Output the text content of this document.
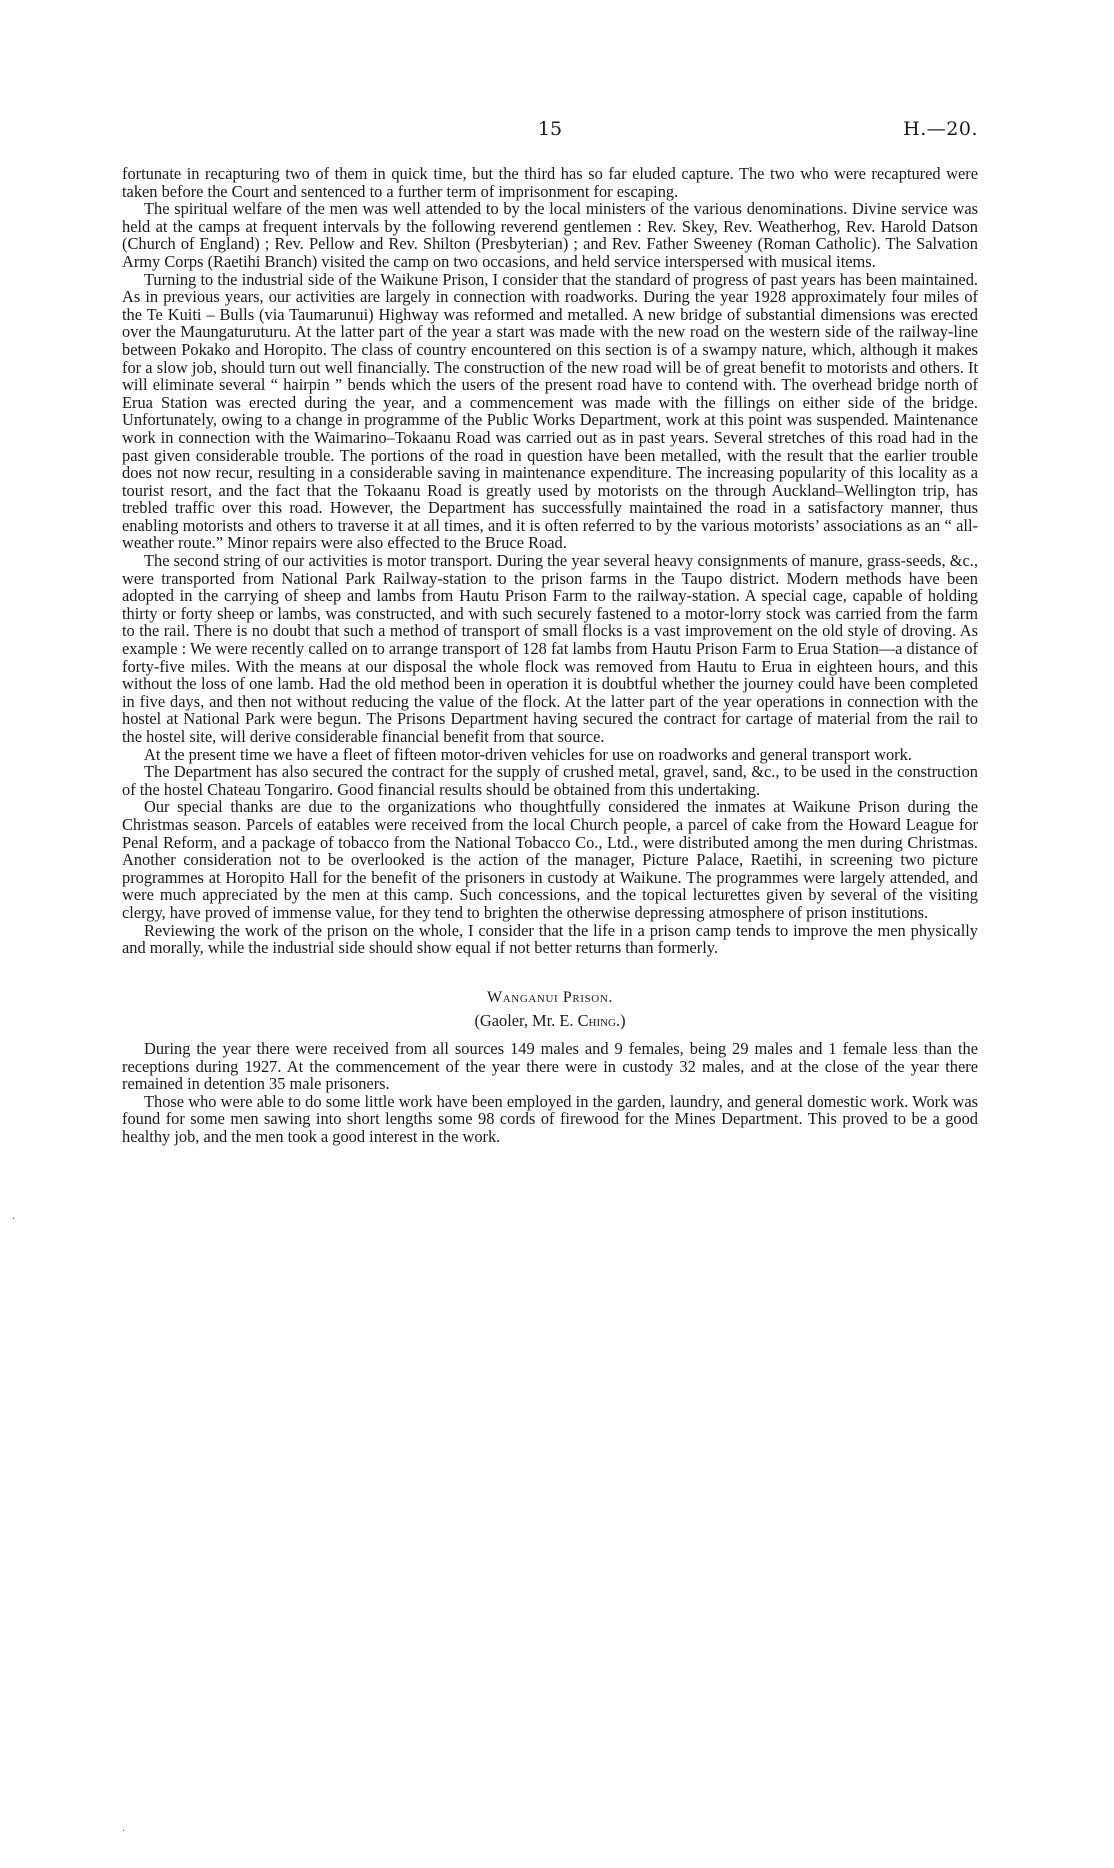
15	H.—20.

fortunate in recapturing two of them in quick time, but the third has so far eluded capture. The two who were recaptured were taken before the Court and sentenced to a further term of imprisonment for escaping.

The spiritual welfare of the men was well attended to by the local ministers of the various denominations. Divine service was held at the camps at frequent intervals by the following reverend gentlemen : Rev. Skey, Rev. Weatherhog, Rev. Harold Datson (Church of England) ; Rev. Pellow and Rev. Shilton (Presbyterian) ; and Rev. Father Sweeney (Roman Catholic). The Salvation Army Corps (Raetihi Branch) visited the camp on two occasions, and held service interspersed with musical items.

Turning to the industrial side of the Waikune Prison, I consider that the standard of progress of past years has been maintained. As in previous years, our activities are largely in connection with roadworks. During the year 1928 approximately four miles of the Te Kuiti – Bulls (via Taumarunui) Highway was reformed and metalled. A new bridge of substantial dimensions was erected over the Maungaturuturu. At the latter part of the year a start was made with the new road on the western side of the railway-line between Pokako and Horopito. The class of country encountered on this section is of a swampy nature, which, although it makes for a slow job, should turn out well financially. The construction of the new road will be of great benefit to motorists and others. It will eliminate several “ hairpin ” bends which the users of the present road have to contend with. The overhead bridge north of Erua Station was erected during the year, and a commencement was made with the fillings on either side of the bridge. Unfortunately, owing to a change in programme of the Public Works Department, work at this point was suspended. Maintenance work in connection with the Waimarino–Tokaanu Road was carried out as in past years. Several stretches of this road had in the past given considerable trouble. The portions of the road in question have been metalled, with the result that the earlier trouble does not now recur, resulting in a considerable saving in maintenance expenditure. The increasing popularity of this locality as a tourist resort, and the fact that the Tokaanu Road is greatly used by motorists on the through Auckland–Wellington trip, has trebled traffic over this road. However, the Department has successfully maintained the road in a satisfactory manner, thus enabling motorists and others to traverse it at all times, and it is often referred to by the various motorists’ associations as an “ all-weather route.” Minor repairs were also effected to the Bruce Road.

The second string of our activities is motor transport. During the year several heavy consignments of manure, grass-seeds, &c., were transported from National Park Railway-station to the prison farms in the Taupo district. Modern methods have been adopted in the carrying of sheep and lambs from Hautu Prison Farm to the railway-station. A special cage, capable of holding thirty or forty sheep or lambs, was constructed, and with such securely fastened to a motor-lorry stock was carried from the farm to the rail. There is no doubt that such a method of transport of small flocks is a vast improvement on the old style of droving. As example : We were recently called on to arrange transport of 128 fat lambs from Hautu Prison Farm to Erua Station—a distance of forty-five miles. With the means at our disposal the whole flock was removed from Hautu to Erua in eighteen hours, and this without the loss of one lamb. Had the old method been in operation it is doubtful whether the journey could have been completed in five days, and then not without reducing the value of the flock. At the latter part of the year operations in connection with the hostel at National Park were begun. The Prisons Department having secured the contract for cartage of material from the rail to the hostel site, will derive considerable financial benefit from that source.

At the present time we have a fleet of fifteen motor-driven vehicles for use on roadworks and general transport work.

The Department has also secured the contract for the supply of crushed metal, gravel, sand, &c., to be used in the construction of the hostel Chateau Tongariro. Good financial results should be obtained from this undertaking.

Our special thanks are due to the organizations who thoughtfully considered the inmates at Waikune Prison during the Christmas season. Parcels of eatables were received from the local Church people, a parcel of cake from the Howard League for Penal Reform, and a package of tobacco from the National Tobacco Co., Ltd., were distributed among the men during Christmas. Another consideration not to be overlooked is the action of the manager, Picture Palace, Raetihi, in screening two picture programmes at Horopito Hall for the benefit of the prisoners in custody at Waikune. The programmes were largely attended, and were much appreciated by the men at this camp. Such concessions, and the topical lecturettes given by several of the visiting clergy, have proved of immense value, for they tend to brighten the otherwise depressing atmosphere of prison institutions.

Reviewing the work of the prison on the whole, I consider that the life in a prison camp tends to improve the men physically and morally, while the industrial side should show equal if not better returns than formerly.

Wanganui Prison.
(Gaoler, Mr. E. Ching.)

During the year there were received from all sources 149 males and 9 females, being 29 males and 1 female less than the receptions during 1927. At the commencement of the year there were in custody 32 males, and at the close of the year there remained in detention 35 male prisoners.

Those who were able to do some little work have been employed in the garden, laundry, and general domestic work. Work was found for some men sawing into short lengths some 98 cords of firewood for the Mines Department. This proved to be a good healthy job, and the men took a good interest in the work.

·
·
